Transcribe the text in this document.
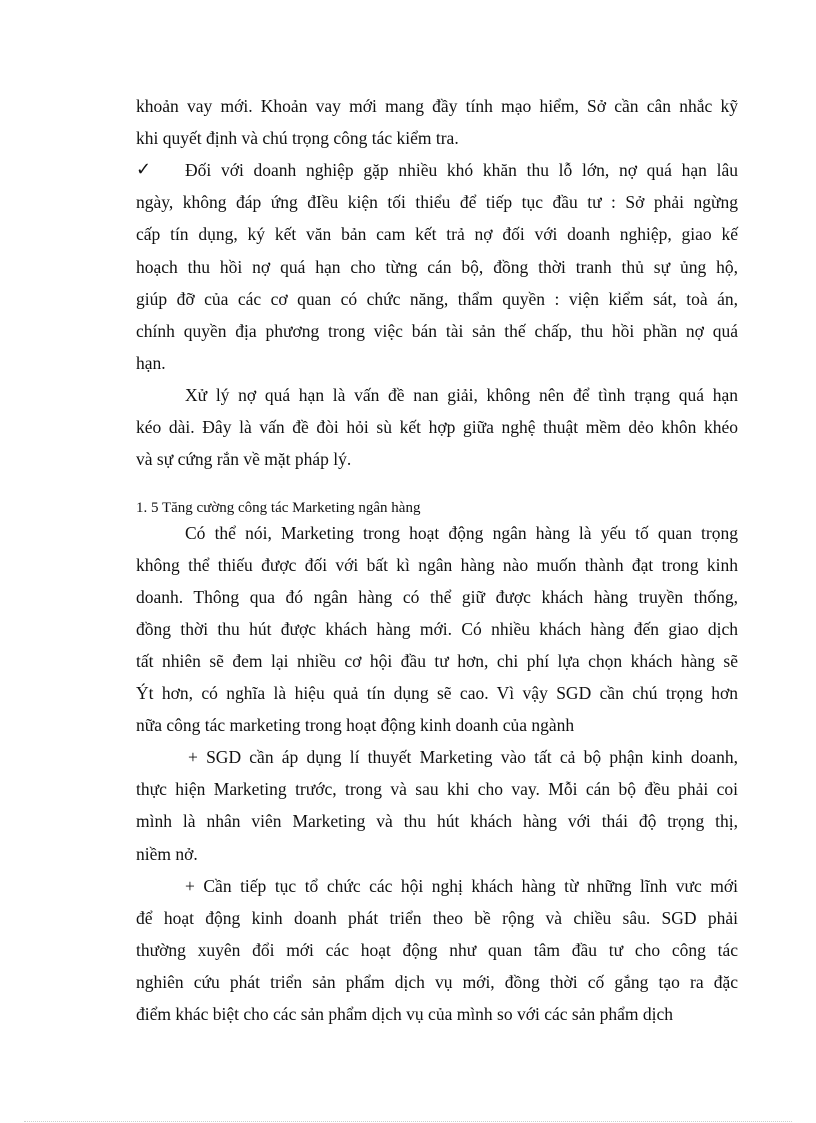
khoản vay mới. Khoản vay mới mang đầy tính mạo hiểm, Sở cần cân nhắc kỹ
khi quyết định và chú trọng công tác kiểm tra.
✓ Đối với doanh nghiệp gặp nhiều khó khăn thu lỗ lớn, nợ quá hạn lâu
ngày, không đáp ứng đIều kiện tối thiểu để tiếp tục đầu tư : Sở phải ngừng
cấp tín dụng, ký kết văn bản cam kết trả nợ đối với doanh nghiệp, giao kế
hoạch thu hồi nợ quá hạn cho từng cán bộ, đồng thời tranh thủ sự ủng hộ,
giúp đỡ của các cơ quan có chức năng, thẩm quyền : viện kiểm sát, toà án,
chính quyền địa phương trong việc bán tài sản thế chấp, thu hồi phần nợ quá
hạn.
Xử lý nợ quá hạn là vấn đề nan giải, không nên để tình trạng quá hạn
kéo dài. Đây là vấn đề đòi hỏi sù kết hợp giữa nghệ thuật mềm dẻo khôn khéo
và sự cứng rắn về mặt pháp lý.
1. 5 Tăng cường công tác Marketing ngân hàng
Có thể nói, Marketing trong hoạt động ngân hàng là yếu tố quan trọng
không thể thiếu được đối với bất kì ngân hàng nào muốn thành đạt trong kinh
doanh. Thông qua đó ngân hàng có thể giữ được khách hàng truyền thống,
đồng thời thu hút được khách hàng mới. Có nhiều khách hàng đến giao dịch
tất nhiên sẽ đem lại nhiều cơ hội đầu tư hơn, chi phí lựa chọn khách hàng sẽ
Ýt hơn, có nghĩa là hiệu quả tín dụng sẽ cao. Vì vậy SGD cần chú trọng hơn
nữa công tác marketing trong hoạt động kinh doanh của ngành
+ SGD cần áp dụng lí thuyết Marketing vào tất cả bộ phận kinh doanh,
thực hiện Marketing trước, trong và sau khi cho vay. Mỗi cán bộ đều phải coi
mình là nhân viên Marketing và thu hút khách hàng với thái độ trọng thị,
niềm nở.
+ Cần tiếp tục tổ chức các hội nghị khách hàng từ những lĩnh vưc mới
để hoạt động kinh doanh phát triển theo bề rộng và chiều sâu. SGD phải
thường xuyên đổi mới các hoạt động như quan tâm đầu tư cho công tác
nghiên cứu phát triển sản phẩm dịch vụ mới, đồng thời cố gắng tạo ra đặc
điểm khác biệt cho các sản phẩm dịch vụ của mình so với các sản phẩm dịch
